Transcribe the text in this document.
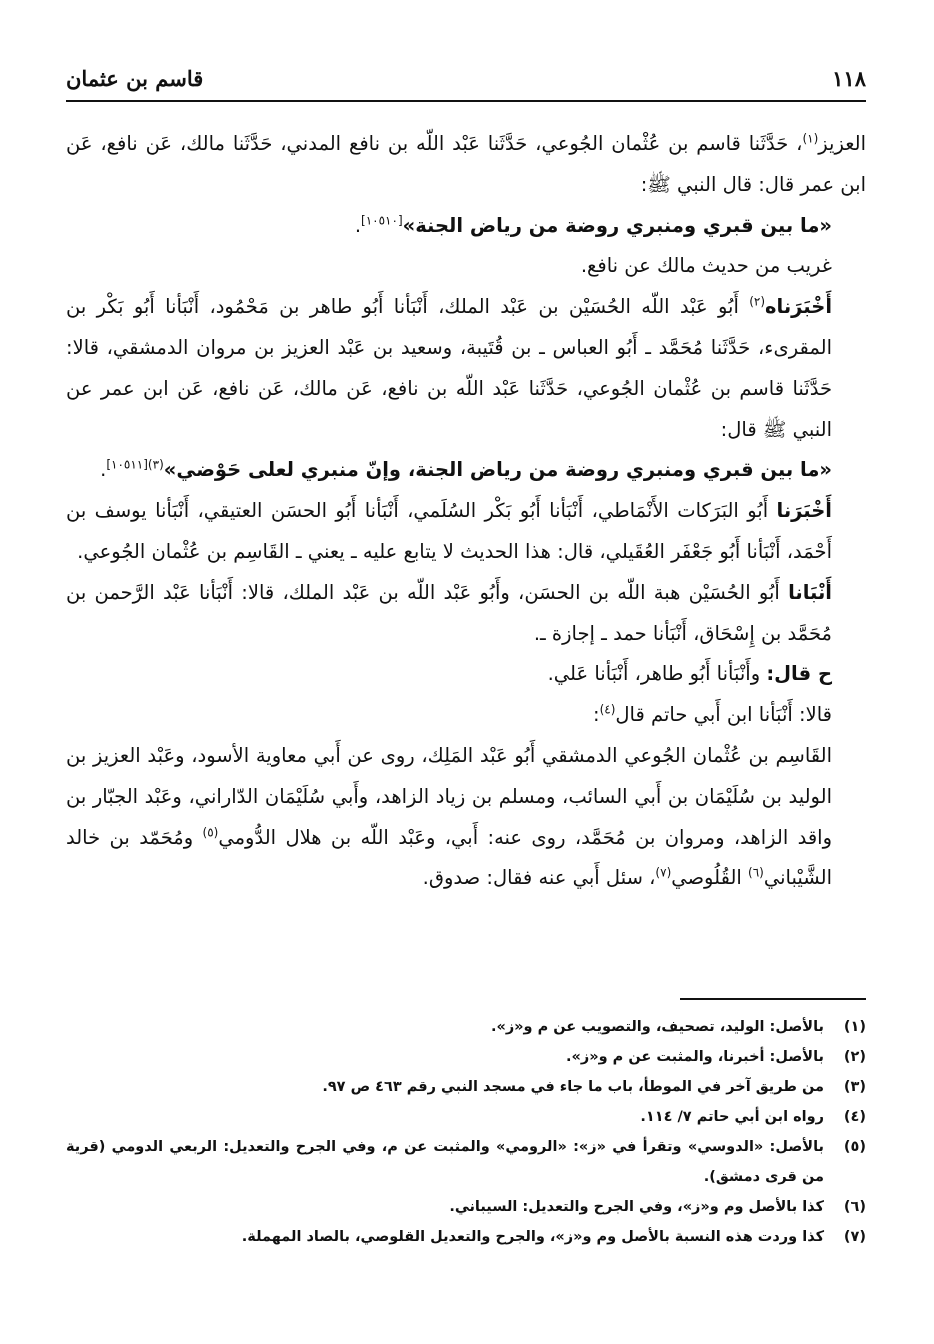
١١٨
قاسم بن عثمان

العزيز$^{(١)}$، حَدَّثَنا قاسم بن عُثْمان الجُوعي، حَدَّثَنا عَبْد اللّه بن نافع المدني، حَدَّثَنا مالك، عَن نافع، عَن ابن عمر قال: قال النبي ﷺ:

«ما بين قبري ومنبري روضة من رياض الجنة»[١٠٥١٠].

غريب من حديث مالك عن نافع.

أَخْبَرَناه$^{(٢)}$ أَبُو عَبْد اللّه الحُسَيْن بن عَبْد الملك، أَنْبَأنا أَبُو طاهر بن مَحْمُود، أَنْبَأنا أَبُو بَكْر بن المقرىء، حَدَّثَنا مُحَمَّد ـ أَبُو العباس ـ بن قُتَيبة، وسعيد بن عَبْد العزيز بن مروان الدمشقي، قالا: حَدَّثَنا قاسم بن عُثْمان الجُوعي، حَدَّثَنا عَبْد اللّه بن نافع، عَن مالك، عَن نافع، عَن ابن عمر عن النبي ﷺ قال:

«ما بين قبري ومنبري روضة من رياض الجنة، وإنّ منبري لعلى حَوْضي»$^{(٣)[١٠٥١١]}$.

أَخْبَرَنا أَبُو البَرَكات الأَنْمَاطي، أَنْبَأنا أَبُو بَكْر السُلَمي، أَنْبَأنا أَبُو الحسَن العتيقي، أَنْبَأنا يوسف بن أَحْمَد، أَنْبَأنا أَبُو جَعْفَر العُقَيلي، قال: هذا الحديث لا يتابع عليه ـ يعني ـ القَاسِم بن عُثْمان الجُوعي.

أَنْبَانا أَبُو الحُسَيْن هبة اللّه بن الحسَن، وأَبُو عَبْد اللّه بن عَبْد الملك، قالا: أَنْبَأنا عَبْد الرَّحمن بن مُحَمَّد بن إِسْحَاق، أَنْبَأنا حمد ـ إجازة ـ.

ح قال: وأَنْبَأنا أَبُو طاهر، أَنْبَأنا عَلي.

قالا: أَنْبَأنا ابن أَبي حاتم قال$^{(٤)}$:

القَاسِم بن عُثْمان الجُوعي الدمشقي أَبُو عَبْد المَلِك، روى عن أَبي معاوية الأسود، وعَبْد العزيز بن الوليد بن سُلَيْمَان بن أَبي السائب، ومسلم بن زياد الزاهد، وأَبي سُلَيْمَان الدّاراني، وعَبْد الجبّار بن واقد الزاهد، ومروان بن مُحَمَّد، روى عنه: أَبي، وعَبْد اللّه بن هلال الدُّومي$^{(٥)}$ ومُحَمّد بن خالد الشَّيْباني$^{(٦)}$ القُلُوصي$^{(٧)}$، سئل أَبي عنه فقال: صدوق.

(١)
بالأصل: الوليد، تصحيف، والتصويب عن م و«ز».
(٢)
بالأصل: أخبرنا، والمثبت عن م و«ز».
(٣)
من طريق آخر في الموطأ، باب ما جاء في مسجد النبي رقم ٤٦٣ ص ٩٧.
(٤)
رواه ابن أبي حاتم ٧/ ١١٤.
(٥)
بالأصل: «الدوسي» وتقرأ في «ز»: «الرومي» والمثبت عن م، وفي الجرح والتعديل: الربعي الدومي (قرية من قرى دمشق).
(٦)
كذا بالأصل وم و«ز»، وفي الجرح والتعديل: السيباني.
(٧)
كذا وردت هذه النسبة بالأصل وم و«ز»، والجرح والتعديل القلوصي، بالصاد المهملة.
